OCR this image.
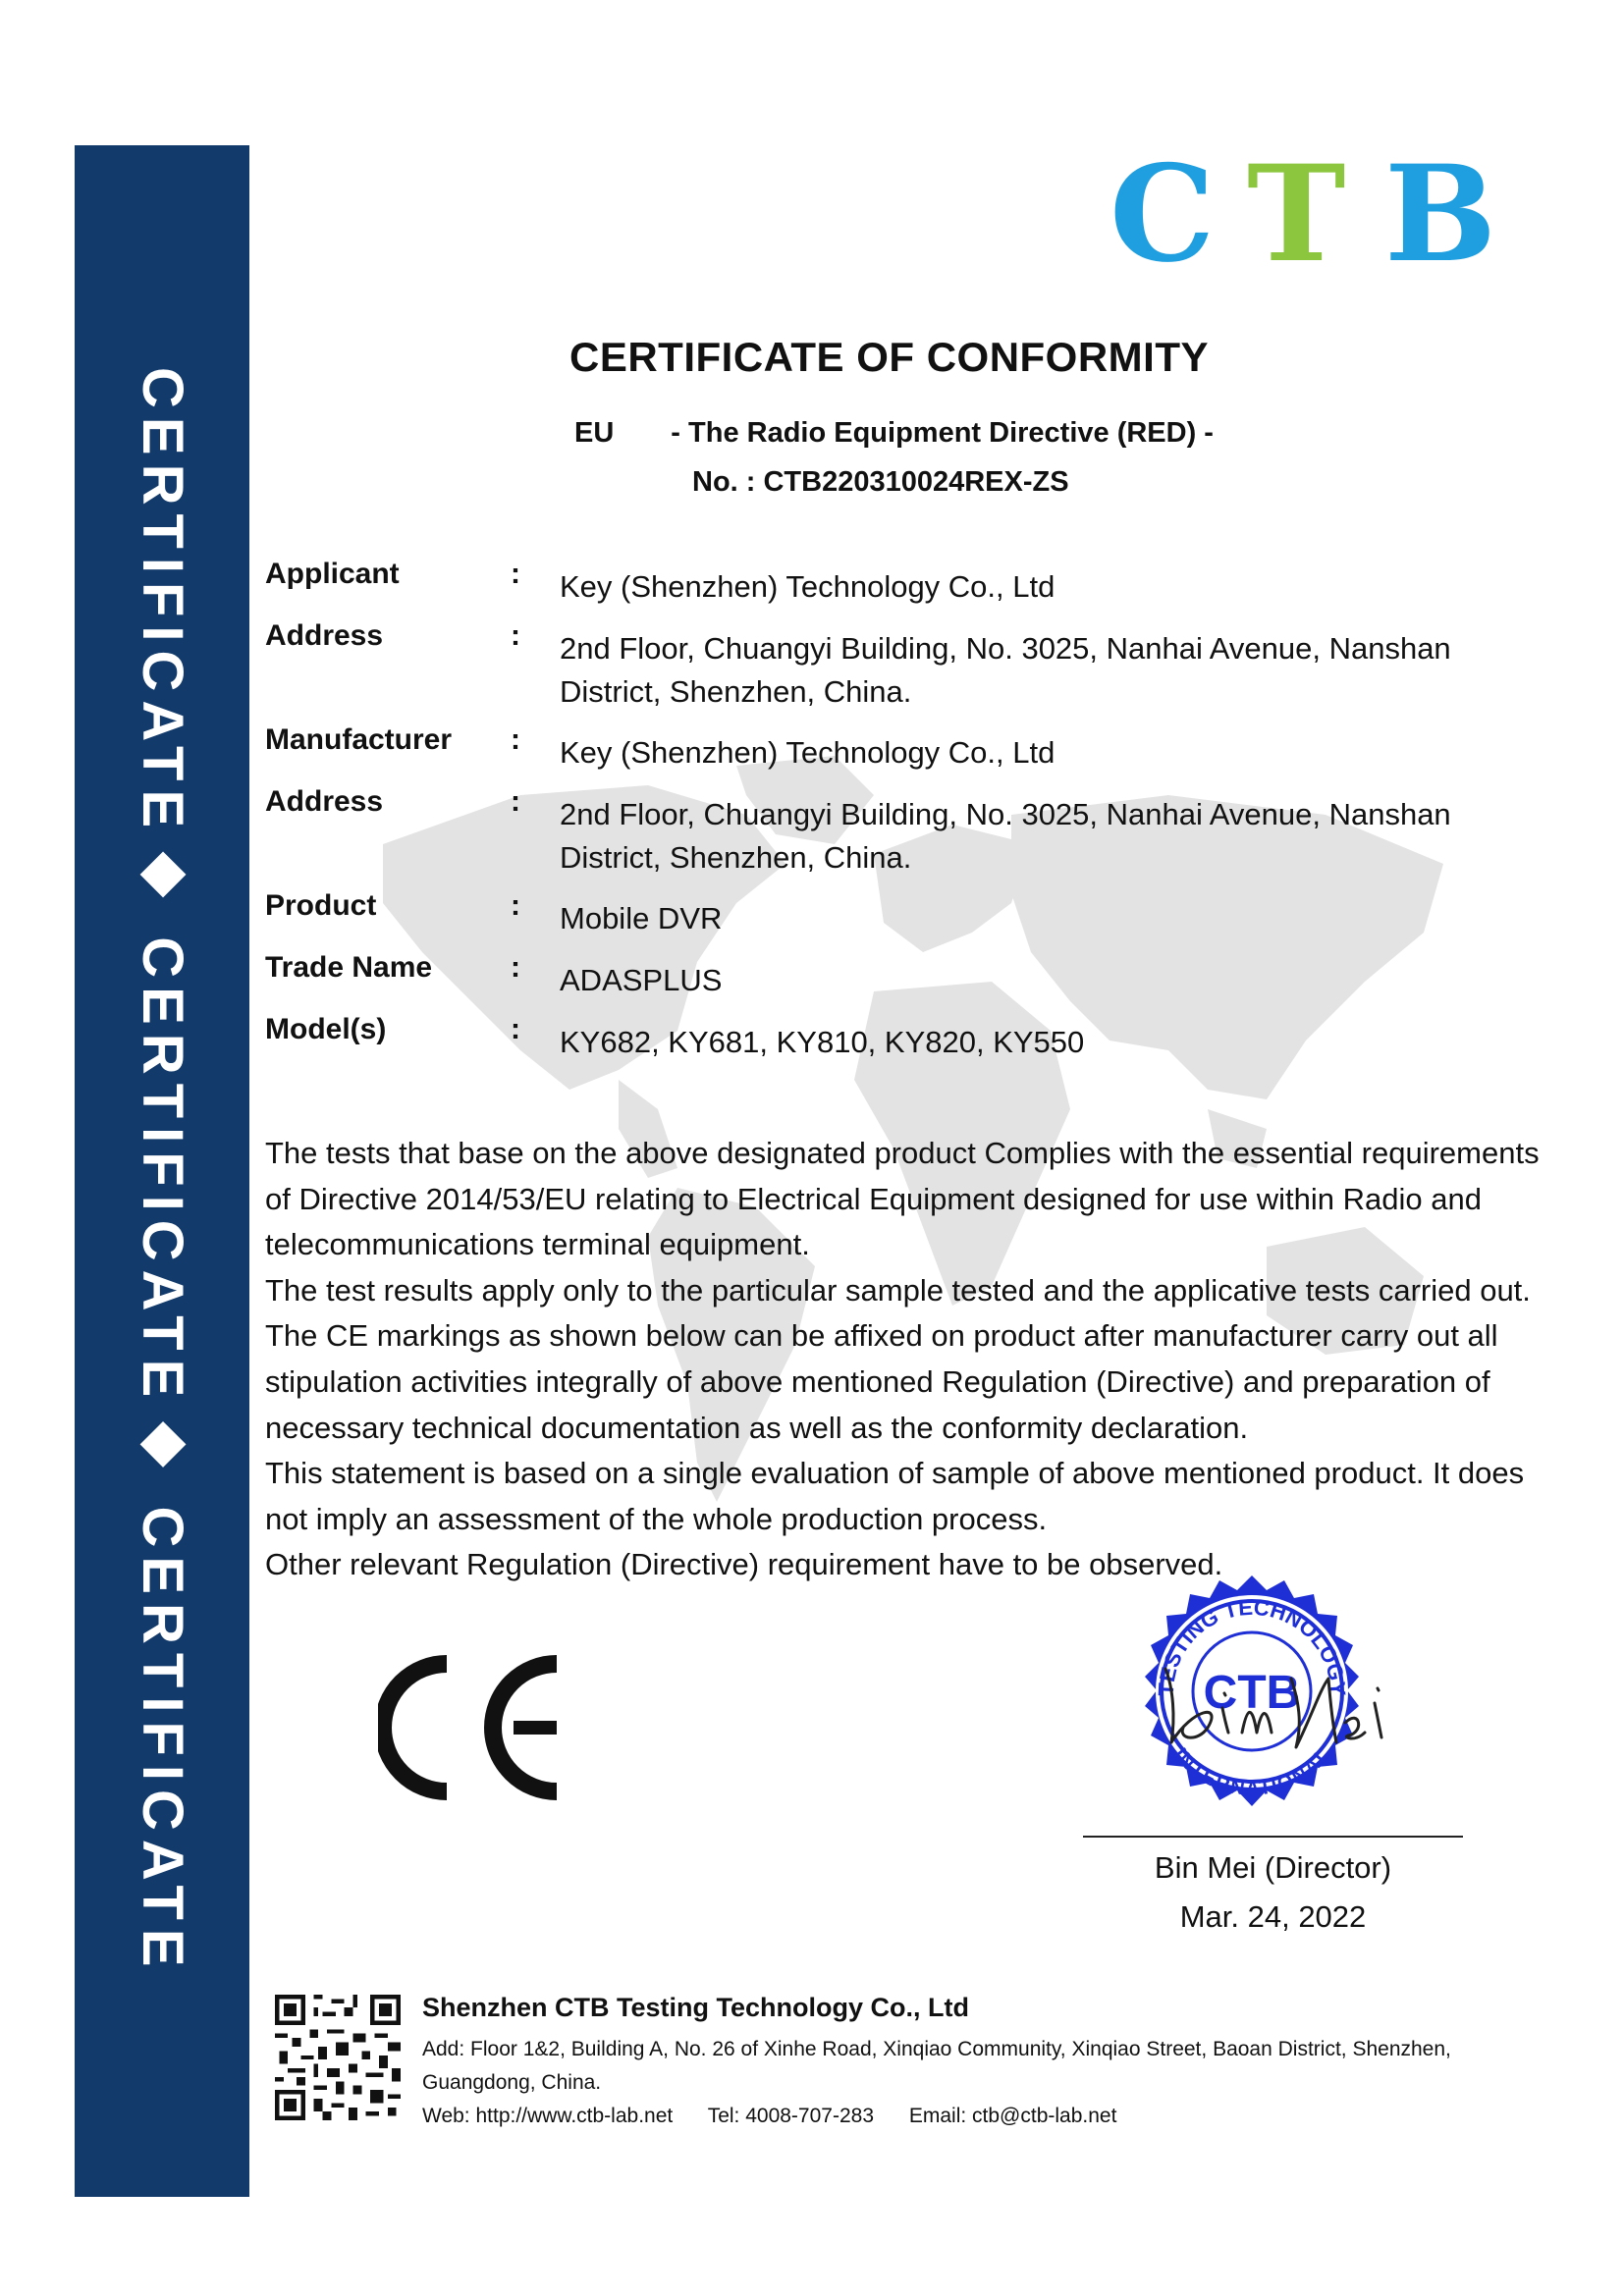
CERTIFICATE◆ CERTIFICATE◆ CERTIFICATE
C T B
CERTIFICATE OF CONFORMITY
EU - The Radio Equipment Directive (RED) -
No. : CTB220310024REX-ZS
Applicant	:	Key (Shenzhen) Technology Co., Ltd
Address	:	2nd Floor, Chuangyi Building, No. 3025, Nanhai Avenue, Nanshan District, Shenzhen, China.
Manufacturer	:	Key (Shenzhen) Technology Co., Ltd
Address	:	2nd Floor, Chuangyi Building, No. 3025, Nanhai Avenue, Nanshan District, Shenzhen, China.
Product	:	Mobile DVR
Trade Name	:	ADASPLUS
Model(s)	:	KY682, KY681, KY810, KY820, KY550

The tests that base on the above designated product Complies with the essential requirements of Directive 2014/53/EU relating to Electrical Equipment designed for use within Radio and telecommunications terminal equipment.

The test results apply only to the particular sample tested and the applicative tests carried out.

The CE markings as shown below can be affixed on product after manufacturer carry out all stipulation activities integrally of above mentioned Regulation (Directive) and preparation of necessary technical documentation as well as the conformity declaration.

This statement is based on a single evaluation of sample of above mentioned product. It does not imply an assessment of the whole production process.

Other relevant Regulation (Directive) requirement have to be observed.

TESTING TECHNOLOGY
INTERNATIONAL
CTB
Bin Mei (Director)
Mar. 24, 2022
Shenzhen CTB Testing Technology Co., Ltd
Add: Floor 1&2, Building A, No. 26 of Xinhe Road, Xinqiao Community, Xinqiao Street, Baoan District, Shenzhen, Guangdong, China.
Web: http://www.ctb-lab.net Tel: 4008-707-283 Email: ctb@ctb-lab.net
